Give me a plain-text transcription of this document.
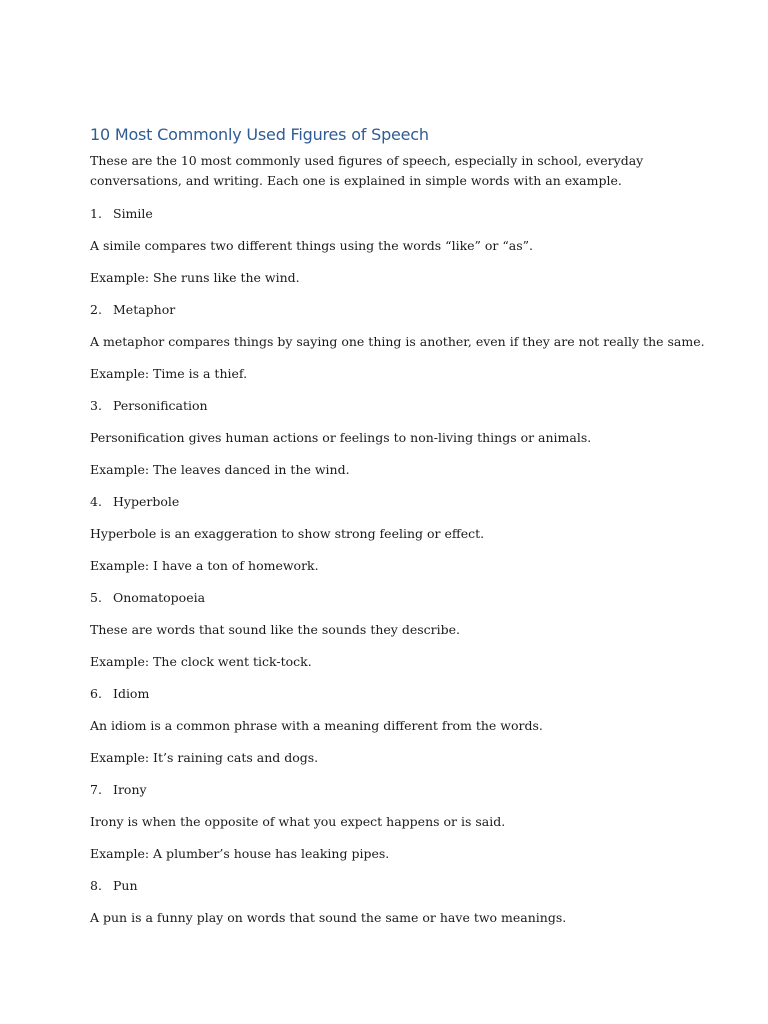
10 Most Commonly Used Figures of Speech

These are the 10 most commonly used figures of speech, especially in school, everyday conversations, and writing. Each one is explained in simple words with an example.

1. Simile

A simile compares two different things using the words “like” or “as”.

Example: She runs like the wind.

2. Metaphor

A metaphor compares things by saying one thing is another, even if they are not really the same.

Example: Time is a thief.

3. Personification

Personification gives human actions or feelings to non-living things or animals.

Example: The leaves danced in the wind.

4. Hyperbole

Hyperbole is an exaggeration to show strong feeling or effect.

Example: I have a ton of homework.

5. Onomatopoeia

These are words that sound like the sounds they describe.

Example: The clock went tick-tock.

6. Idiom

An idiom is a common phrase with a meaning different from the words.

Example: It’s raining cats and dogs.

7. Irony

Irony is when the opposite of what you expect happens or is said.

Example: A plumber’s house has leaking pipes.

8. Pun

A pun is a funny play on words that sound the same or have two meanings.
